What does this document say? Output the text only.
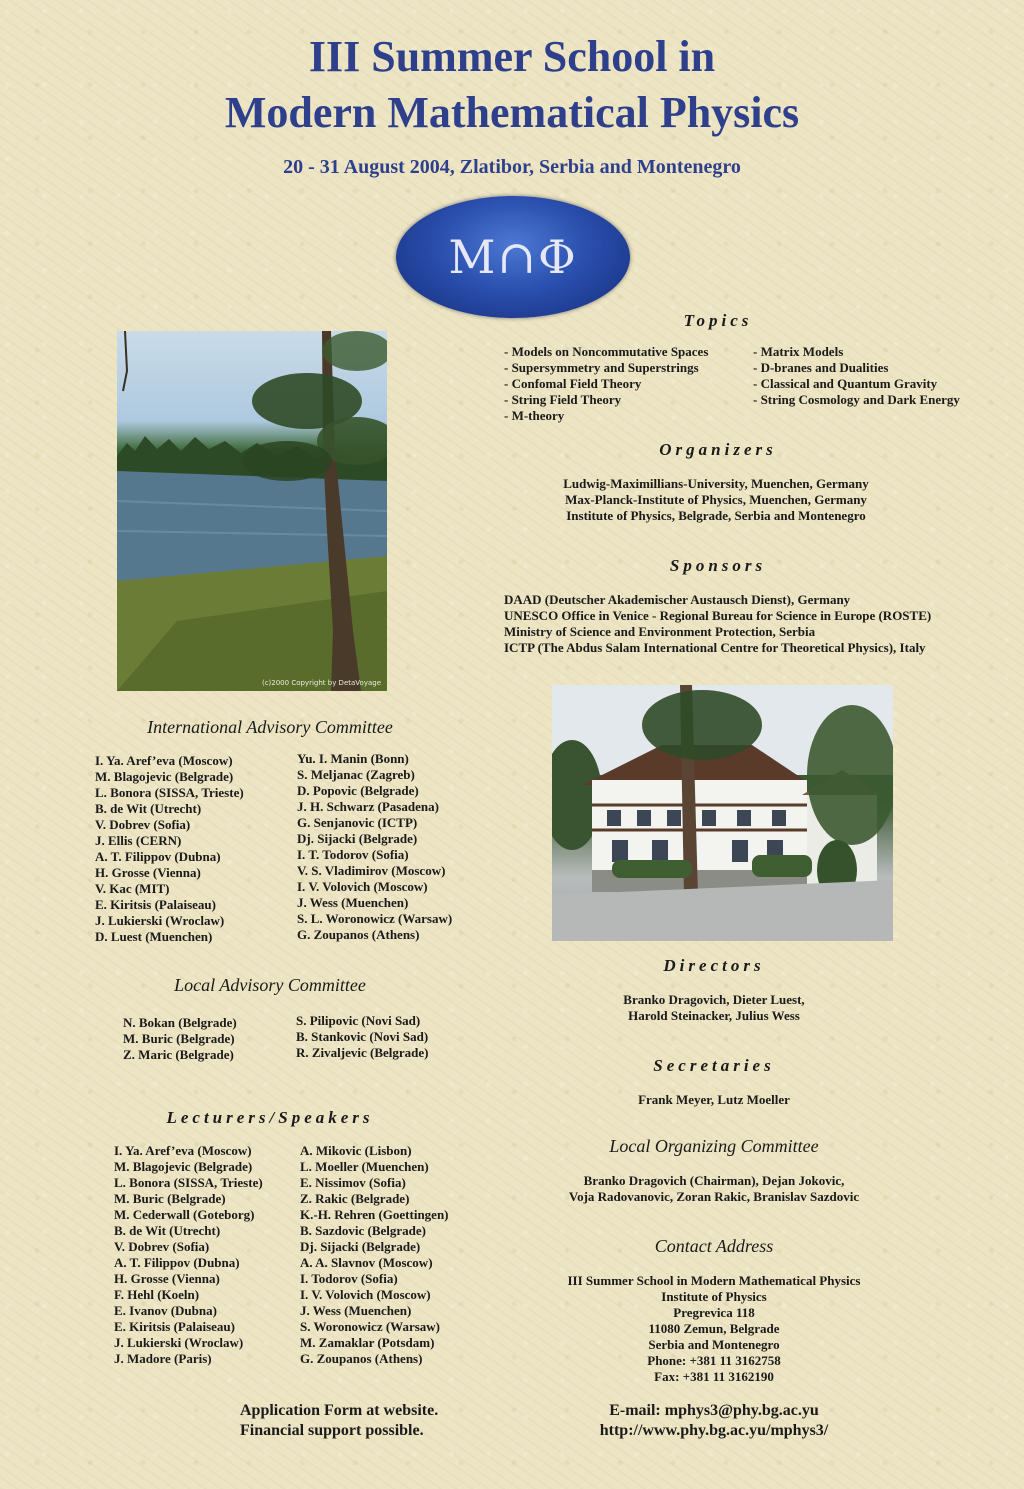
III Summer School in
Modern Mathematical Physics
20 - 31 August 2004, Zlatibor, Serbia and Montenegro
M∩Φ
(c)2000 Copyright by DetaVoyage
Topics
- Models on Noncommutative Spaces
- Supersymmetry and Superstrings
- Confomal Field Theory
- String Field Theory
- M-theory
- Matrix Models
- D-branes and Dualities
- Classical and Quantum Gravity
- String Cosmology and Dark Energy
Organizers
Ludwig-Maximillians-University, Muenchen, Germany
Max-Planck-Institute of Physics, Muenchen, Germany
Institute of Physics, Belgrade, Serbia and Montenegro
Sponsors
DAAD (Deutscher Akademischer Austausch Dienst), Germany
UNESCO Office in Venice - Regional Bureau for Science in Europe (ROSTE)
Ministry of Science and Environment Protection, Serbia
ICTP (The Abdus Salam International Centre for Theoretical Physics), Italy
International Advisory Committee
I. Ya. Aref’eva (Moscow)
M. Blagojevic (Belgrade)
L. Bonora (SISSA, Trieste)
B. de Wit (Utrecht)
V. Dobrev (Sofia)
J. Ellis (CERN)
A. T. Filippov (Dubna)
H. Grosse (Vienna)
V. Kac (MIT)
E. Kiritsis (Palaiseau)
J. Lukierski (Wroclaw)
D. Luest (Muenchen)
Yu. I. Manin (Bonn)
S. Meljanac (Zagreb)
D. Popovic (Belgrade)
J. H. Schwarz (Pasadena)
G. Senjanovic (ICTP)
Dj. Sijacki (Belgrade)
I. T. Todorov (Sofia)
V. S. Vladimirov (Moscow)
I. V. Volovich (Moscow)
J. Wess (Muenchen)
S. L. Woronowicz (Warsaw)
G. Zoupanos (Athens)
Local Advisory Committee
N. Bokan (Belgrade)
M. Buric (Belgrade)
Z. Maric (Belgrade)
S. Pilipovic (Novi Sad)
B. Stankovic (Novi Sad)
R. Zivaljevic (Belgrade)
Directors
Branko Dragovich, Dieter Luest,
Harold Steinacker, Julius Wess
Secretaries
Frank Meyer, Lutz Moeller
Lecturers/Speakers
I. Ya. Aref’eva (Moscow)
M. Blagojevic (Belgrade)
L. Bonora (SISSA, Trieste)
M. Buric (Belgrade)
M. Cederwall (Goteborg)
B. de Wit (Utrecht)
V. Dobrev (Sofia)
A. T. Filippov (Dubna)
H. Grosse (Vienna)
F. Hehl (Koeln)
E. Ivanov (Dubna)
E. Kiritsis (Palaiseau)
J. Lukierski (Wroclaw)
J. Madore (Paris)
A. Mikovic (Lisbon)
L. Moeller (Muenchen)
E. Nissimov (Sofia)
Z. Rakic (Belgrade)
K.-H. Rehren (Goettingen)
B. Sazdovic (Belgrade)
Dj. Sijacki (Belgrade)
A. A. Slavnov (Moscow)
I. Todorov (Sofia)
I. V. Volovich (Moscow)
J. Wess (Muenchen)
S. Woronowicz (Warsaw)
M. Zamaklar (Potsdam)
G. Zoupanos (Athens)
Local Organizing Committee
Branko Dragovich (Chairman), Dejan Jokovic,
Voja Radovanovic, Zoran Rakic, Branislav Sazdovic
Contact Address
III Summer School in Modern Mathematical Physics
Institute of Physics
Pregrevica 118
11080 Zemun, Belgrade
Serbia and Montenegro
Phone: +381 11 3162758
Fax: +381 11 3162190
Application Form at website.
Financial support possible.
E-mail: mphys3@phy.bg.ac.yu
http://www.phy.bg.ac.yu/mphys3/
